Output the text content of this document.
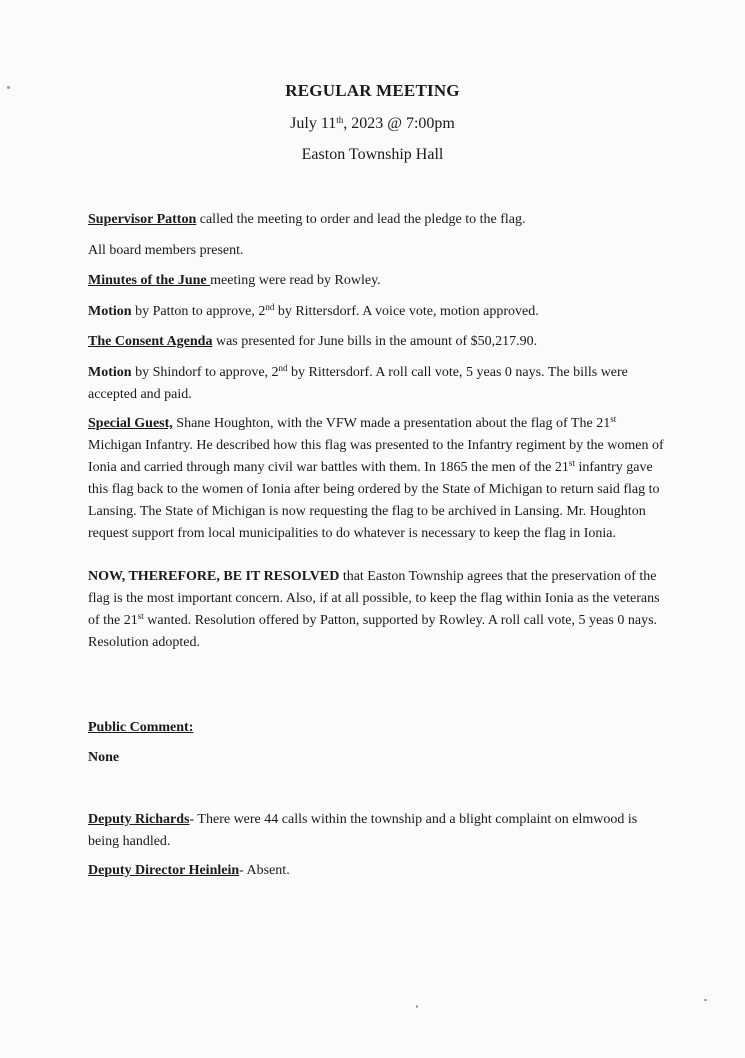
REGULAR MEETING
July 11th, 2023 @ 7:00pm
Easton Township Hall
Supervisor Patton called the meeting to order and lead the pledge to the flag.
All board members present.
Minutes of the June meeting were read by Rowley.
Motion by Patton to approve, 2nd by Rittersdorf. A voice vote, motion approved.
The Consent Agenda was presented for June bills in the amount of $50,217.90.
Motion by Shindorf to approve, 2nd by Rittersdorf. A roll call vote, 5 yeas 0 nays. The bills were accepted and paid.
Special Guest, Shane Houghton, with the VFW made a presentation about the flag of The 21st Michigan Infantry. He described how this flag was presented to the Infantry regiment by the women of Ionia and carried through many civil war battles with them. In 1865 the men of the 21st infantry gave this flag back to the women of Ionia after being ordered by the State of Michigan to return said flag to Lansing. The State of Michigan is now requesting the flag to be archived in Lansing. Mr. Houghton request support from local municipalities to do whatever is necessary to keep the flag in Ionia.
NOW, THEREFORE, BE IT RESOLVED that Easton Township agrees that the preservation of the flag is the most important concern. Also, if at all possible, to keep the flag within Ionia as the veterans of the 21st wanted. Resolution offered by Patton, supported by Rowley. A roll call vote, 5 yeas 0 nays. Resolution adopted.
Public Comment:
None
Deputy Richards- There were 44 calls within the township and a blight complaint on elmwood is being handled.
Deputy Director Heinlein- Absent.
